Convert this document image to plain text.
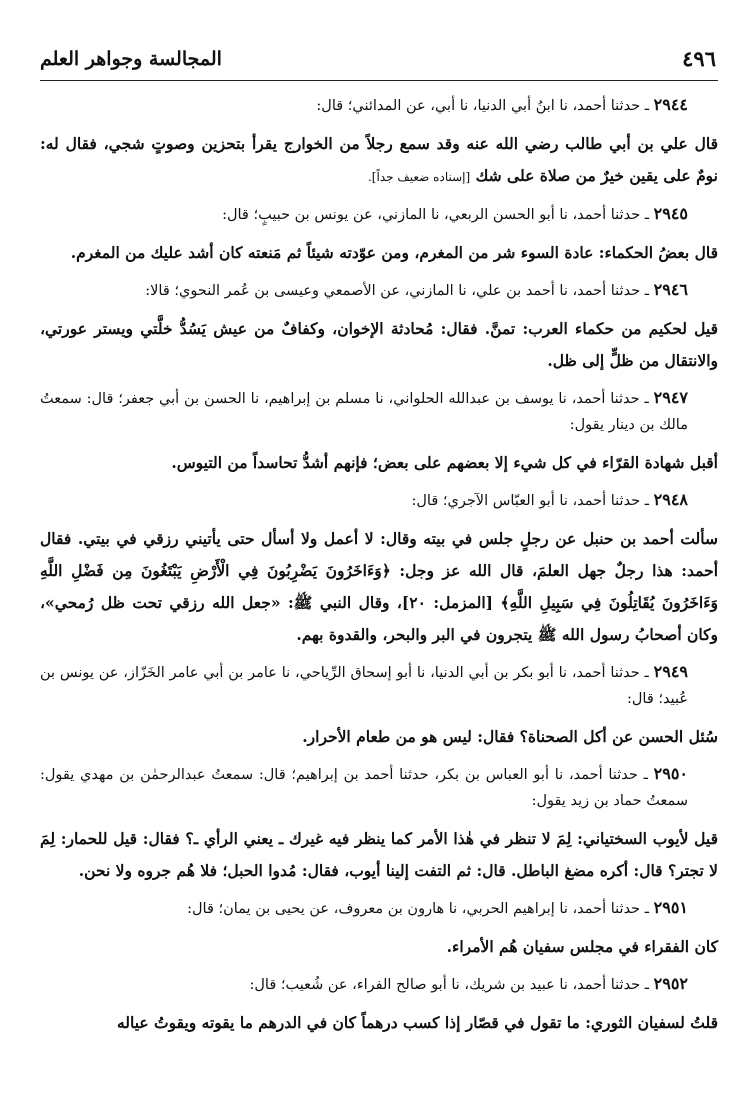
٤٩٦
المجالسة وجواهر العلم

٢٩٤٤ ـ حدثنا أحمد، نا ابنُ أبي الدنيا، نا أبي، عن المدائني؛ قال:

قال علي بن أبي طالب رضي الله عنه وقد سمع رجلاً من الخوارج يقرأ بتحزين وصوتٍ شجي، فقال له: نومٌ على يقين خيرٌ من صلاة على شك [إسناده ضعيف جداً].

٢٩٤٥ ـ حدثنا أحمد، نا أبو الحسن الربعي، نا المازني، عن يونس بن حبيبٍ؛ قال:

قال بعضُ الحكماء: عادة السوء شر من المغرم، ومن عوّدته شيئاً ثم مَنعته كان أشد عليك من المغرم.

٢٩٤٦ ـ حدثنا أحمد، نا أحمد بن علي، نا المازني، عن الأصمعي وعيسى بن عُمر النحوي؛ قالا:

قيل لحكيم من حكماء العرب: تمنَّ. فقال: مُحادثة الإخوان، وكفافٌ من عيش يَسُدُّ خلَّتي ويستر عورتي، والانتقال من ظلٍّ إلى ظل.

٢٩٤٧ ـ حدثنا أحمد، نا يوسف بن عبدالله الحلواني، نا مسلم بن إبراهيم، نا الحسن بن أبي جعفر؛ قال: سمعتُ مالك بن دينار يقول:

أقبل شهادة القرّاء في كل شيء إلا بعضهم على بعض؛ فإنهم أشدُّ تحاسداً من التيوس.

٢٩٤٨ ـ حدثنا أحمد، نا أبو العبّاس الآجري؛ قال:

سألت أحمد بن حنبل عن رجلٍ جلس في بيته وقال: لا أعمل ولا أسأل حتى يأتيني رزقي في بيتي. فقال أحمد: هذا رجلٌ جهل العلمَ، قال الله عز وجل: ﴿وَءَاخَرُونَ يَضْرِبُونَ فِي الْأَرْضِ يَبْتَغُونَ مِن فَضْلِ اللَّهِ وَءَاخَرُونَ يُقَاتِلُونَ فِي سَبِيلِ اللَّهِ﴾ [المزمل: ٢٠]، وقال النبي ﷺ: «جعل الله رزقي تحت ظل رُمحي»، وكان أصحابُ رسول الله ﷺ يتجرون في البر والبحر، والقدوة بهم.

٢٩٤٩ ـ حدثنا أحمد، نا أبو بكر بن أبي الدنيا، نا أبو إسحاق الرِّياحي، نا عامر بن أبي عامر الخَزّاز، عن يونس بن عُبيد؛ قال:

سُئل الحسن عن أكل الصحناة؟ فقال: ليس هو من طعام الأحرار.

٢٩٥٠ ـ حدثنا أحمد، نا أبو العباس بن بكر، حدثنا أحمد بن إبراهيم؛ قال: سمعتُ عبدالرحمٰن بن مهدي يقول: سمعتُ حماد بن زيد يقول:

قيل لأيوب السختياني: لِمَ لا تنظر في هٰذا الأمر كما ينظر فيه غيرك ـ يعني الرأي ـ؟ فقال: قيل للحمار: لِمَ لا تجتر؟ قال: أكره مضغ الباطل. قال: ثم التفت إلينا أيوب، فقال: مُدوا الحبل؛ فلا هُم جروه ولا نحن.

٢٩٥١ ـ حدثنا أحمد، نا إبراهيم الحربي، نا هارون بن معروف، عن يحيى بن يمان؛ قال:

كان الفقراء في مجلس سفيان هُم الأمراء.

٢٩٥٢ ـ حدثنا أحمد، نا عبيد بن شريك، نا أبو صالح الفراء، عن شُعيب؛ قال:

قلتُ لسفيان الثوري: ما تقول في قصّار إذا كسب درهماً كان في الدرهم ما يقوته ويقوتُ عياله
